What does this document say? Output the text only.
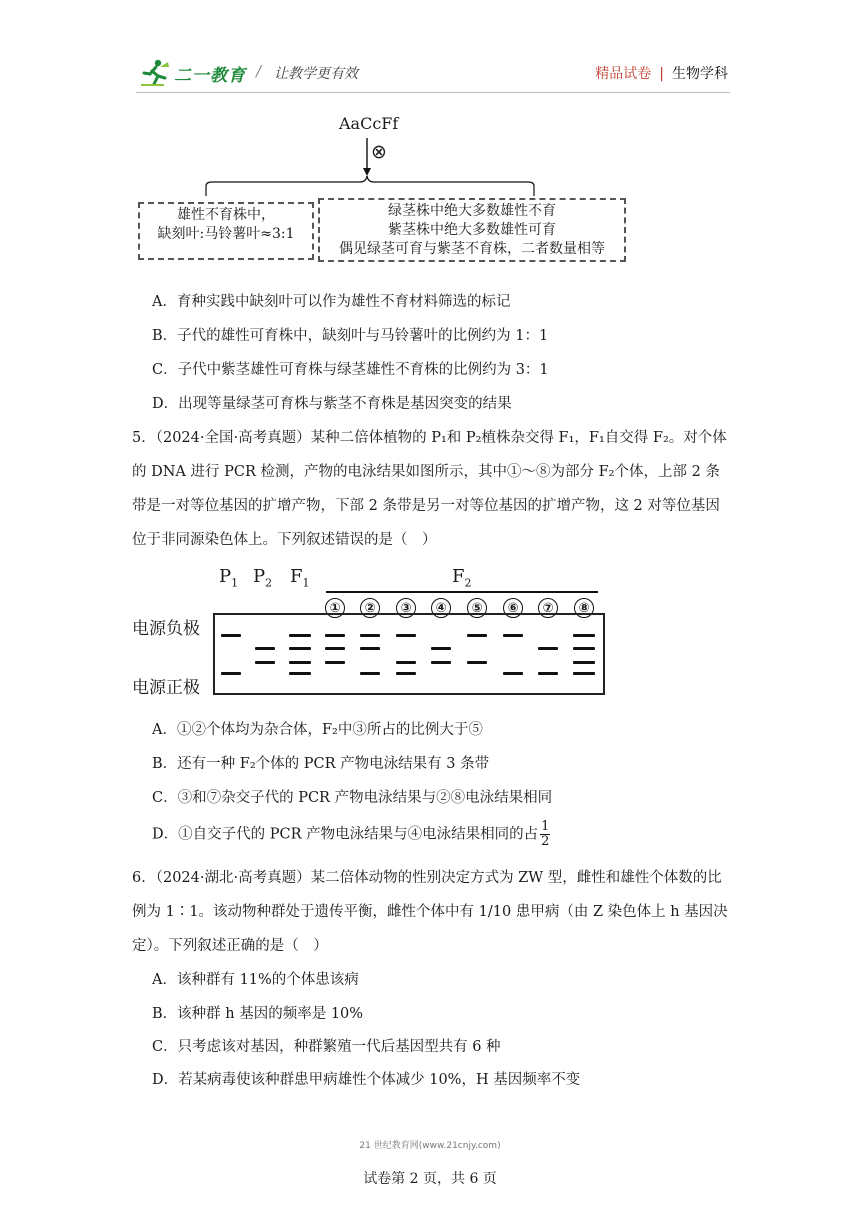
二一教育 / 让教学更有效	精品试卷 | 生物学科
AaCcFf
⊗
雄性不育株中，
缺刻叶:马铃薯叶≈3:1
绿茎株中绝大多数雄性不育
紫茎株中绝大多数雄性可育
偶见绿茎可育与紫茎不育株，二者数量相等
A．育种实践中缺刻叶可以作为雄性不育材料筛选的标记
B．子代的雄性可育株中，缺刻叶与马铃薯叶的比例约为 1：1
C．子代中紫茎雄性可育株与绿茎雄性不育株的比例约为 3：1
D．出现等量绿茎可育株与紫茎不育株是基因突变的结果
5．（2024·全国·高考真题）某种二倍体植物的 P₁和 P₂植株杂交得 F₁，F₁自交得 F₂。对个体
的 DNA 进行 PCR 检测，产物的电泳结果如图所示，其中①～⑧为部分 F₂个体，上部 2 条
带是一对等位基因的扩增产物，下部 2 条带是另一对等位基因的扩增产物，这 2 对等位基因
位于非同源染色体上。下列叙述错误的是（　）
$P_1$ $P_2$ $F_1$	$F_2$
①	②	③	④	⑤	⑥	⑦	⑧
电源负极
电源正极
A．①②个体均为杂合体，F₂中③所占的比例大于⑤
B．还有一种 F₂个体的 PCR 产物电泳结果有 3 条带
C．③和⑦杂交子代的 PCR 产物电泳结果与②⑧电泳结果相同
D．①自交子代的 PCR 产物电泳结果与④电泳结果相同的占 $\frac{1}{2}$
6．（2024·湖北·高考真题）某二倍体动物的性别决定方式为 ZW 型，雌性和雄性个体数的比
例为 1∶1。该动物种群处于遗传平衡，雌性个体中有 1/10 患甲病（由 Z 染色体上 h 基因决
定）。下列叙述正确的是（　）
A．该种群有 11%的个体患该病
B．该种群 h 基因的频率是 10%
C．只考虑该对基因，种群繁殖一代后基因型共有 6 种
D．若某病毒使该种群患甲病雄性个体减少 10%，H 基因频率不变
21 世纪教育网(www.21cnjy.com)
试卷第 2 页，共 6 页
